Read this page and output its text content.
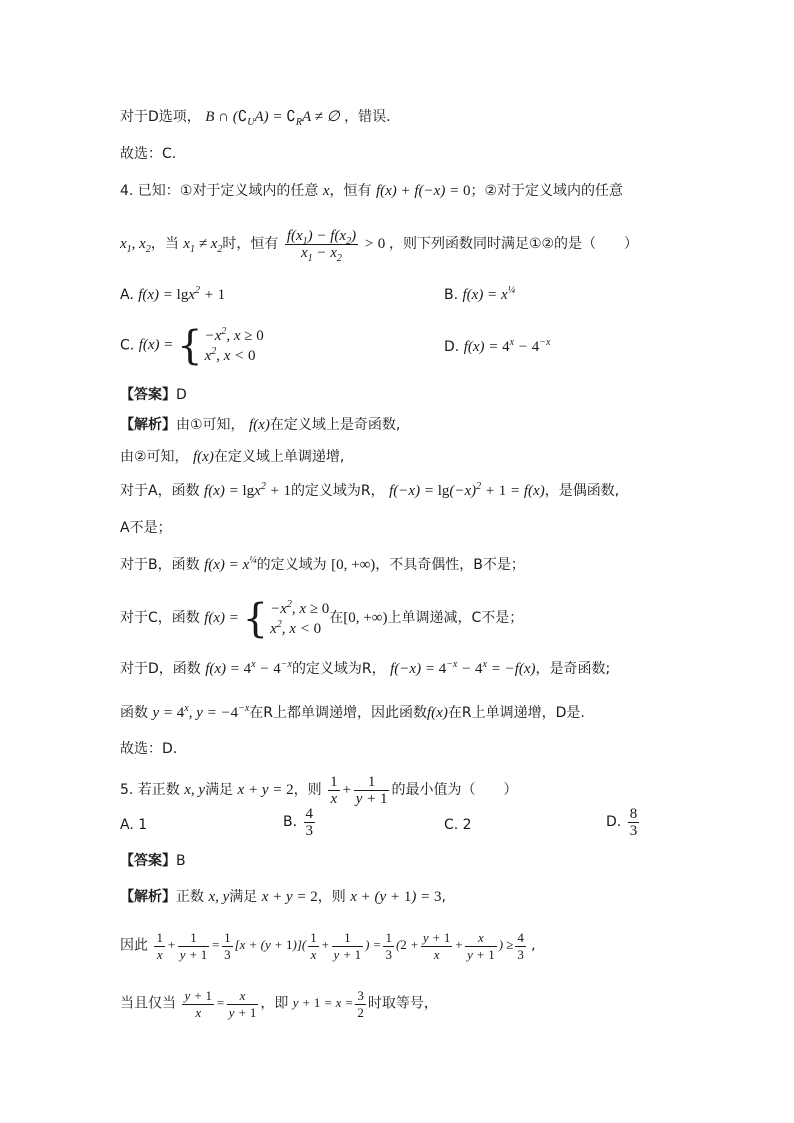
对于D选项， B ∩ $(∁_UA)$ = $∁_RA$ ≠ ∅ ，错误.
故选：C.
4. 已知：①对于定义域内的任意 x，恒有 f(x) + f(−x) = 0；②对于定义域内的任意
$x_1$, $x_2$，当 $x_1 \ne x_2$时，恒有 $\frac{f(x_1) - f(x_2)}{x_1 - x_2} > 0$ ，则下列函数同时满足①②的是（　　）
A. f(x) = lgx$^2$ + 1	B. $f(x) = x^{\frac{1}{4}}$
C. f(x) = { $-x^2$, x ≥ 0
$x^2$, x < 0
D. $f(x) = 4^x - 4^{-x}$
【答案】D
【解析】由①可知， f(x)在定义域上是奇函数,
由②可知， f(x)在定义域上单调递增,
对于A，函数 f(x) = lgx$^2$ + 1的定义域为R， $f(-x) = \lg(-x)^2 + 1 = f(x)$，是偶函数,
A不是；
对于B，函数 $f(x) = x^{\frac{1}{4}}$的定义域为 [0, +∞)，不具奇偶性，B不是；
对于C，函数 f(x) = { $-x^2$, x ≥ 0
$x^2$, x < 0
在[0, +∞)上单调递减，C不是；
对于D，函数 $f(x) = 4^x - 4^{-x}$的定义域为R， $f(-x) = 4^{-x} - 4^x = -f(x)$，是奇函数;
函数 $y = 4^x$, $y = -4^{-x}$在R上都单调递增，因此函数f(x)在R上单调递增，D是.
故选：D.
5. 若正数 x, y满足 x + y = 2，则 $\frac{1}{x} + \frac{1}{y + 1}$ 的最小值为（　　）
A. 1	B. $\frac{4}{3}$	C. 2	D. $\frac{8}{3}$
【答案】B
【解析】正数 x, y满足 x + y = 2，则 x + (y + 1) = 3,
因此 $\frac{1}{x} + \frac{1}{y + 1} = \frac{1}{3} [x + (y + 1)]( \frac{1}{x} + \frac{1}{y + 1}$ ) = $\frac{1}{3} (2 + \frac{y + 1}{x} + \frac{x}{y + 1}$ ) ≥ $\frac{4}{3}$ ,
当且仅当 $\frac{y + 1}{x} = \frac{x}{y + 1}$ ，即 $y + 1 = x = \frac{3}{2}$ 时取等号，
